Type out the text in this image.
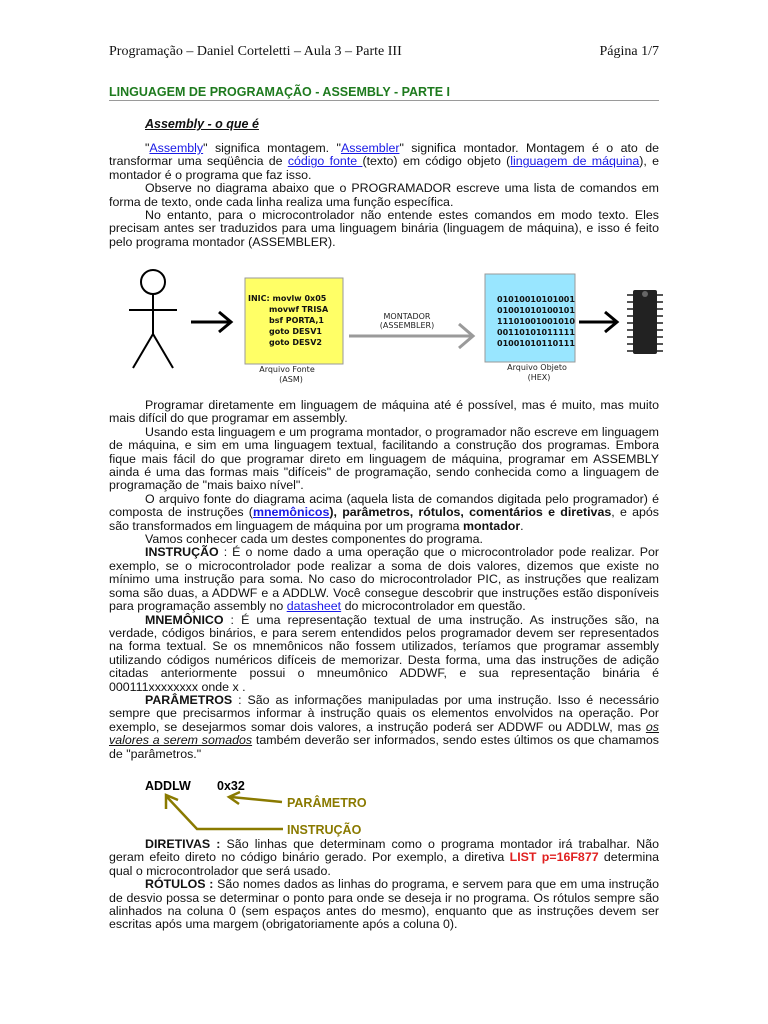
Programação – Daniel Corteletti – Aula 3 – Parte III	Página 1/7
LINGUAGEM DE PROGRAMAÇÃO - ASSEMBLY - PARTE I
Assembly - o que é

"Assembly" significa montagem. "Assembler" significa montador. Montagem é o ato de transformar uma seqüência de código fonte (texto) em código objeto (linguagem de máquina), e montador é o programa que faz isso.

Observe no diagrama abaixo que o PROGRAMADOR escreve uma lista de comandos em forma de texto, onde cada linha realiza uma função específica.

No entanto, para o microcontrolador não entende estes comandos em modo texto. Eles precisam antes ser traduzidos para uma linguagem binária (linguagem de máquina), e isso é feito pelo programa montador (ASSEMBLER).

INIC: movlw 0x05
movwf TRISA
bsf PORTA,1
goto DESV1
goto DESV2
Arquivo Fonte
(ASM)
MONTADOR
(ASSEMBLER)
01010010101001
01001010100101
11101001001010
00110101011111
01001010110111
Arquivo Objeto
(HEX)

Programar diretamente em linguagem de máquina até é possível, mas é muito, mas muito mais difícil do que programar em assembly.

Usando esta linguagem e um programa montador, o programador não escreve em linguagem de máquina, e sim em uma linguagem textual, facilitando a construção dos programas. Embora fique mais fácil do que programar direto em linguagem de máquina, programar em ASSEMBLY ainda é uma das formas mais "difíceis" de programação, sendo conhecida como a linguagem de programação de "mais baixo nível".

O arquivo fonte do diagrama acima (aquela lista de comandos digitada pelo programador) é composta de instruções (mnemônicos), parâmetros, rótulos, comentários e diretivas, e após são transformados em linguagem de máquina por um programa montador.

Vamos conhecer cada um destes componentes do programa.

INSTRUÇÃO : É o nome dado a uma operação que o microcontrolador pode realizar. Por exemplo, se o microcontrolador pode realizar a soma de dois valores, dizemos que existe no mínimo uma instrução para soma. No caso do microcontrolador PIC, as instruções que realizam soma são duas, a ADDWF e a ADDLW. Você consegue descobrir que instruções estão disponíveis para programação assembly no datasheet do microcontrolador em questão.

MNEMÔNICO : É uma representação textual de uma instrução. As instruções são, na verdade, códigos binários, e para serem entendidos pelos programador devem ser representados na forma textual. Se os mnemônicos não fossem utilizados, teríamos que programar assembly utilizando códigos numéricos difíceis de memorizar. Desta forma, uma das instruções de adição citadas anteriormente possui o mneumônico ADDWF, e sua representação binária é 000111xxxxxxxx onde x .

PARÂMETROS : São as informações manipuladas por uma instrução. Isso é necessário sempre que precisarmos informar à instrução quais os elementos envolvidos na operação. Por exemplo, se desejarmos somar dois valores, a instrução poderá ser ADDWF ou ADDLW, mas os valores a serem somados também deverão ser informados, sendo estes últimos os que chamamos de "parâmetros."

ADDLW 0x32
PARÂMETRO
INSTRUÇÃO

DIRETIVAS : São linhas que determinam como o programa montador irá trabalhar. Não geram efeito direto no código binário gerado. Por exemplo, a diretiva LIST p=16F877 determina qual o microcontrolador que será usado.

RÓTULOS : São nomes dados as linhas do programa, e servem para que em uma instrução de desvio possa se determinar o ponto para onde se deseja ir no programa. Os rótulos sempre são alinhados na coluna 0 (sem espaços antes do mesmo), enquanto que as instruções devem ser escritas após uma margem (obrigatoriamente após a coluna 0).
